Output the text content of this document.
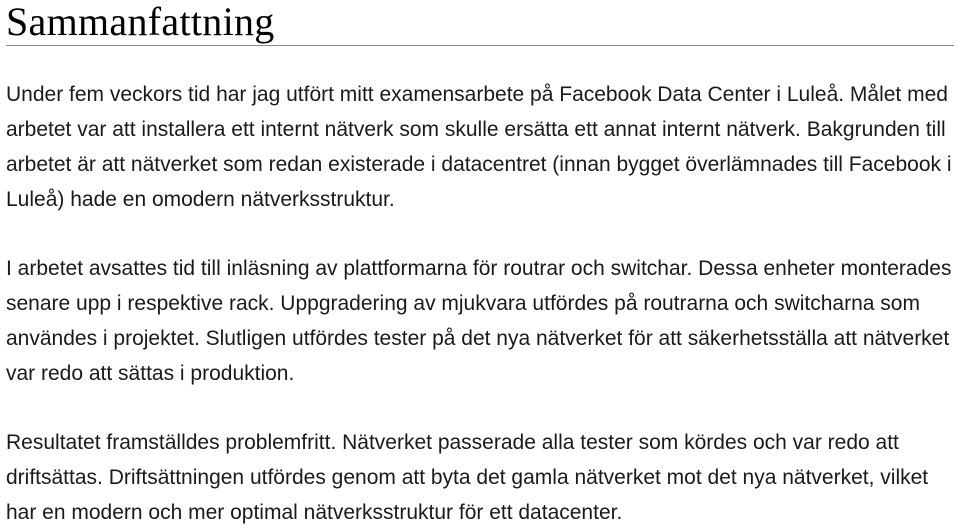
Sammanfattning

Under fem veckors tid har jag utfört mitt examensarbete på Facebook Data Center i Luleå. Målet med arbetet var att installera ett internt nätverk som skulle ersätta ett annat internt nätverk. Bakgrunden till arbetet är att nätverket som redan existerade i datacentret (innan bygget överlämnades till Facebook i Luleå) hade en omodern nätverksstruktur.

I arbetet avsattes tid till inläsning av plattformarna för routrar och switchar. Dessa enheter monterades senare upp i respektive rack. Uppgradering av mjukvara utfördes på routrarna och switcharna som användes i projektet. Slutligen utfördes tester på det nya nätverket för att säkerhetsställa att nätverket var redo att sättas i produktion.

Resultatet framställdes problemfritt. Nätverket passerade alla tester som kördes och var redo att driftsättas. Driftsättningen utfördes genom att byta det gamla nätverket mot det nya nätverket, vilket har en modern och mer optimal nätverksstruktur för ett datacenter.
